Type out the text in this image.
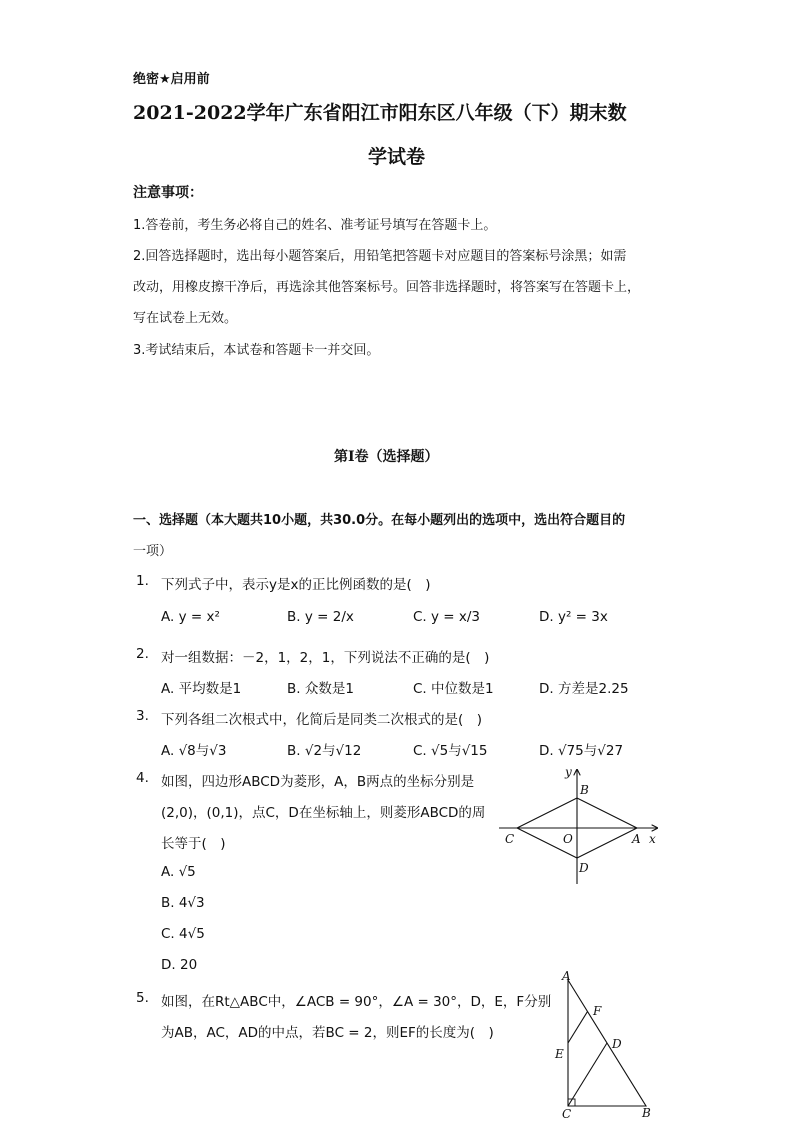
绝密★启用前
2021-2022学年广东省阳江市阳东区八年级（下）期末数
学试卷
注意事项：
1.答卷前，考生务必将自己的姓名、准考证号填写在答题卡上。
2.回答选择题时，选出每小题答案后，用铅笔把答题卡对应题目的答案标号涂黑；如需
改动，用橡皮擦干净后，再选涂其他答案标号。回答非选择题时，将答案写在答题卡上，
写在试卷上无效。
3.考试结束后，本试卷和答题卡一并交回。
第I卷（选择题）
一、选择题（本大题共10小题，共30.0分。在每小题列出的选项中，选出符合题目的
一项）
1. 下列式子中，表示y是x的正比例函数的是(　)
A. y = x²	B. y = 2/x	C. y = x/3	D. y² = 3x
2. 对一组数据：－2，1，2，1，下列说法不正确的是(　)
A. 平均数是1	B. 众数是1	C. 中位数是1	D. 方差是2.25
3. 下列各组二次根式中，化简后是同类二次根式的是(　)
A. √8与√3	B. √2与√12	C. √5与√15	D. √75与√27
4. 如图，四边形ABCD为菱形，A，B两点的坐标分别是
(2,0)，(0,1)，点C，D在坐标轴上，则菱形ABCD的周
长等于(　)
A. √5
B. 4√3
C. 4√5
D. 20
y
B
C	O	A x
D
5. 如图，在Rt△ABC中，∠ACB = 90°，∠A = 30°，D，E，F分别
为AB，AC，AD的中点，若BC = 2，则EF的长度为(　)
A
F
E
D
C	B
